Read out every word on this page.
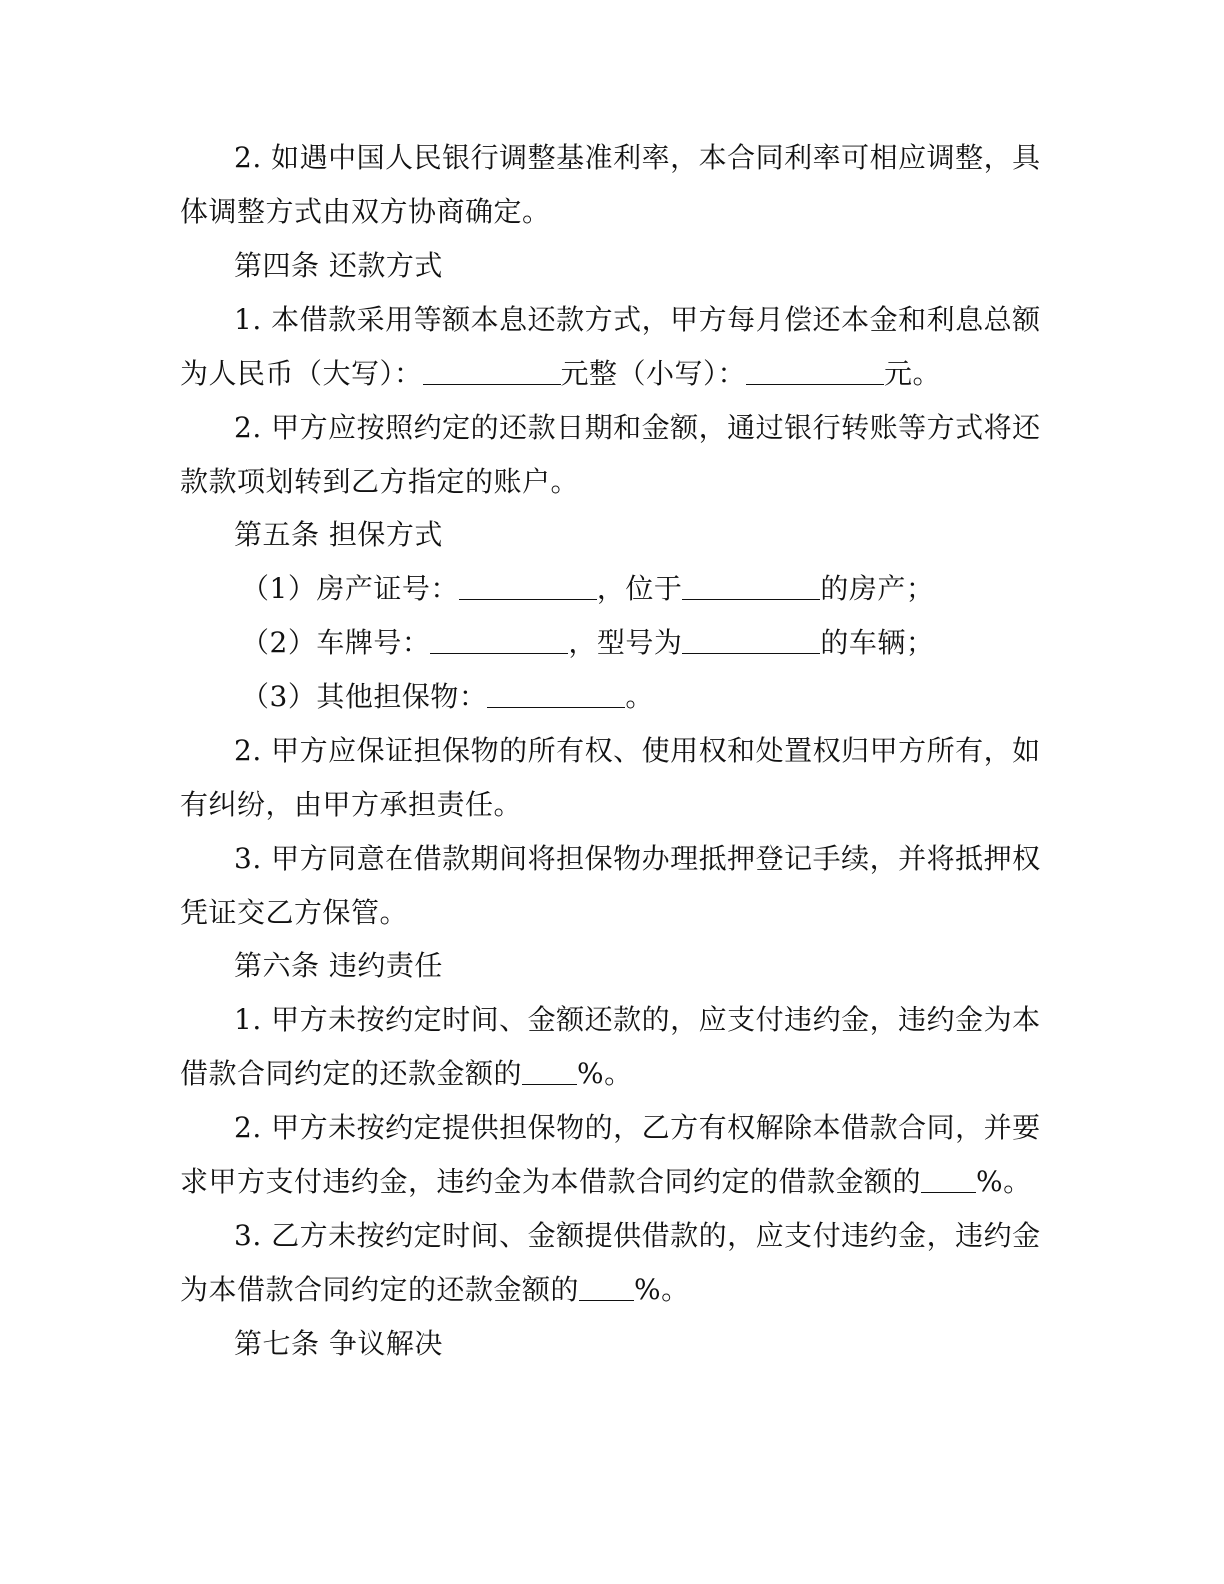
2. 如遇中国人民银行调整基准利率，本合同利率可相应调整，具
体调整方式由双方协商确定。
第四条 还款方式
1. 本借款采用等额本息还款方式，甲方每月偿还本金和利息总额
为人民币（大写）：	元整（小写）：	元。
2. 甲方应按照约定的还款日期和金额，通过银行转账等方式将还
款款项划转到乙方指定的账户。
第五条 担保方式
（1）房产证号：	，位于	的房产；
（2）车牌号：	，型号为	的车辆；
（3）其他担保物：	。
2. 甲方应保证担保物的所有权、使用权和处置权归甲方所有，如
有纠纷，由甲方承担责任。
3. 甲方同意在借款期间将担保物办理抵押登记手续，并将抵押权
凭证交乙方保管。
第六条 违约责任
1. 甲方未按约定时间、金额还款的，应支付违约金，违约金为本
借款合同约定的还款金额的 %。
2. 甲方未按约定提供担保物的，乙方有权解除本借款合同，并要
求甲方支付违约金，违约金为本借款合同约定的借款金额的 %。
3. 乙方未按约定时间、金额提供借款的，应支付违约金，违约金
为本借款合同约定的还款金额的 %。
第七条 争议解决
